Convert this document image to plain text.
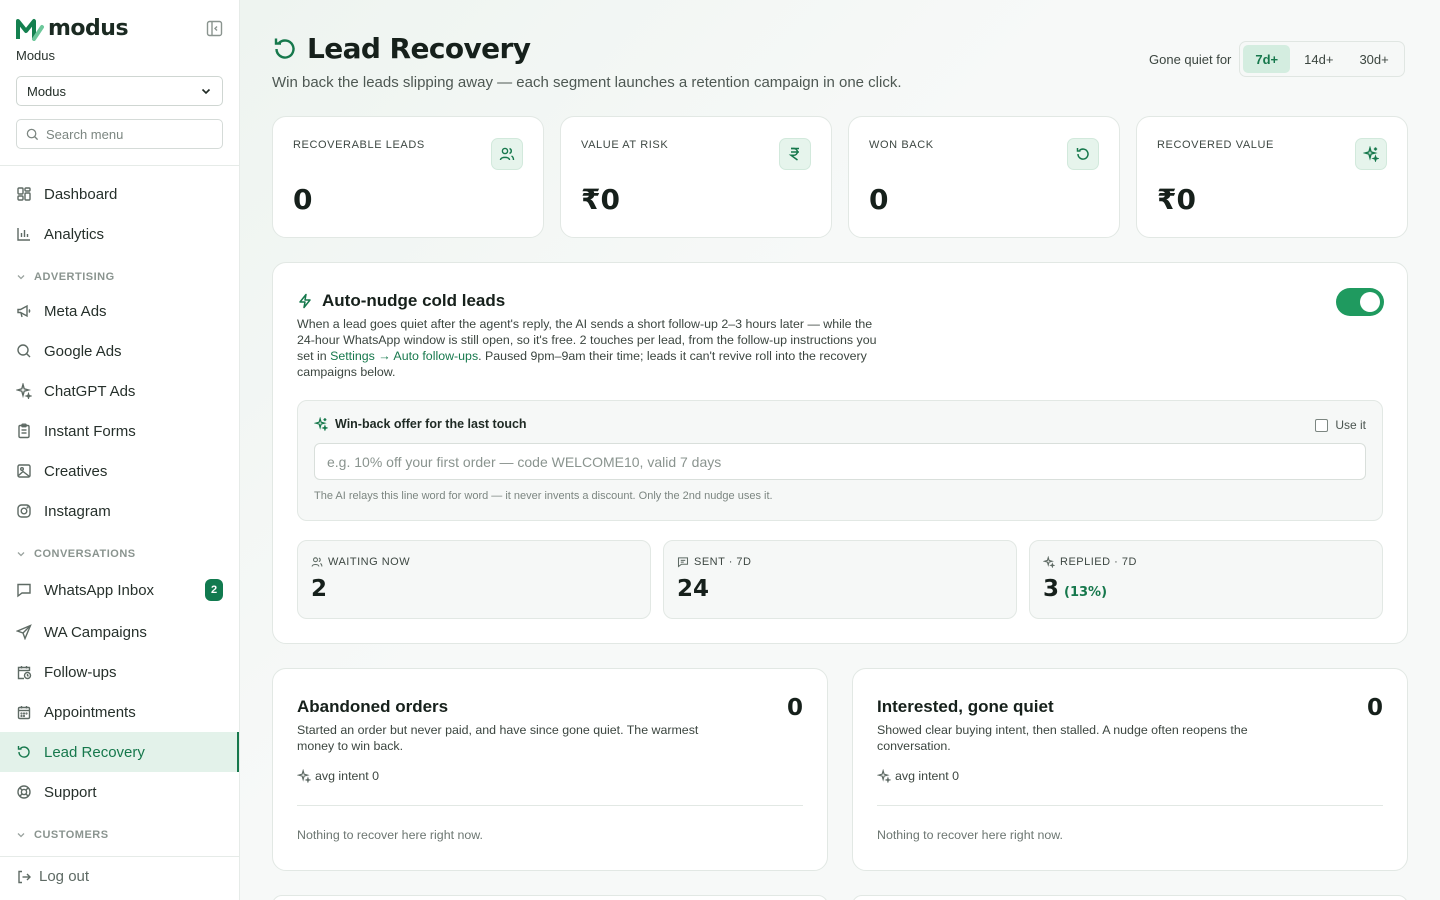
modus
Modus
Modus
Search menu
Dashboard
Analytics
ADVERTISING
Meta Ads
Google Ads
ChatGPT Ads
Instant Forms
Creatives
Instagram
CONVERSATIONS
WhatsApp Inbox	2
WA Campaigns
Follow-ups
Appointments
Lead Recovery
Support
CUSTOMERS
Log out
Lead Recovery
Win back the leads slipping away — each segment launches a retention campaign in one click.
Gone quiet for	7d+	14d+	30d+
RECOVERABLE LEADS
0
VALUE AT RISK
₹0
WON BACK
0
RECOVERED VALUE
₹0
Auto-nudge cold leads

When a lead goes quiet after the agent's reply, the AI sends a short follow-up 2–3 hours later — while the 24-hour WhatsApp window is still open, so it's free. 2 touches per lead, from the follow-up instructions you set in Settings → Auto follow-ups. Paused 9pm–9am their time; leads it can't revive roll into the recovery campaigns below.

Win-back offer for the last touch	Use it
e.g. 10% off your first order — code WELCOME10, valid 7 days
The AI relays this line word for word — it never invents a discount. Only the 2nd nudge uses it.
WAITING NOW
2
SENT · 7D
24
REPLIED · 7D
3 (13%)
Abandoned orders	0

Started an order but never paid, and have since gone quiet. The warmest money to win back.

avg intent 0
Nothing to recover here right now.
Interested, gone quiet	0

Showed clear buying intent, then stalled. A nudge often reopens the conversation.

avg intent 0
Nothing to recover here right now.
